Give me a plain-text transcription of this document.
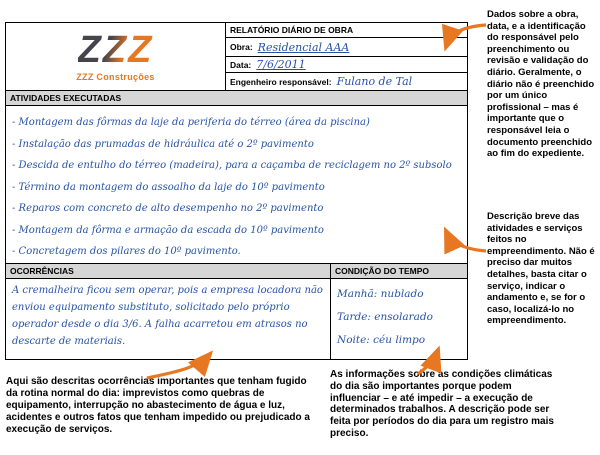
ZZZ
ZZZ Construções
RELATÓRIO DIÁRIO DE OBRA
Obra: Residencial AAA
Data: 7/6/2011
Engenheiro responsável: Fulano de Tal
ATIVIDADES EXECUTADAS
- Montagem das fôrmas da laje da periferia do térreo (área da piscina)
- Instalação das prumadas de hidráulica até o 2º pavimento
- Descida de entulho do térreo (madeira), para a caçamba de reciclagem no 2º subsolo
- Término da montagem do assoalho da laje do 10º pavimento
- Reparos com concreto de alto desempenho no 2º pavimento
- Montagem da fôrma e armação da escada do 10º pavimento
- Concretagem dos pilares do 10º pavimento.
OCORRÊNCIAS
A cremalheira ficou sem operar, pois a empresa locadora não enviou equipamento substituto, solicitado pelo próprio operador desde o dia 3/6. A falha acarretou em atrasos no descarte de materiais.
CONDIÇÃO DO TEMPO
Manhã: nublado
Tarde: ensolarado
Noite: céu limpo
Dados sobre a obra, data, e a identificação do responsável pelo preenchimento ou revisão e validação do diário. Geralmente, o diário não é preenchido por um único profissional – mas é importante que o responsável leia o documento preenchido ao fim do expediente.
Descrição breve das atividades e serviços feitos no empreendimento. Não é preciso dar muitos detalhes, basta citar o serviço, indicar o andamento e, se for o caso, localizá-lo no empreendimento.
Aqui são descritas ocorrências importantes que tenham fugido da rotina normal do dia: imprevistos como quebras de equipamento, interrupção no abastecimento de água e luz, acidentes e outros fatos que tenham impedido ou prejudicado a execução de serviços.
As informações sobre as condições climáticas do dia são importantes porque podem influenciar – e até impedir – a execução de determinados trabalhos. A descrição pode ser feita por períodos do dia para um registro mais preciso.
